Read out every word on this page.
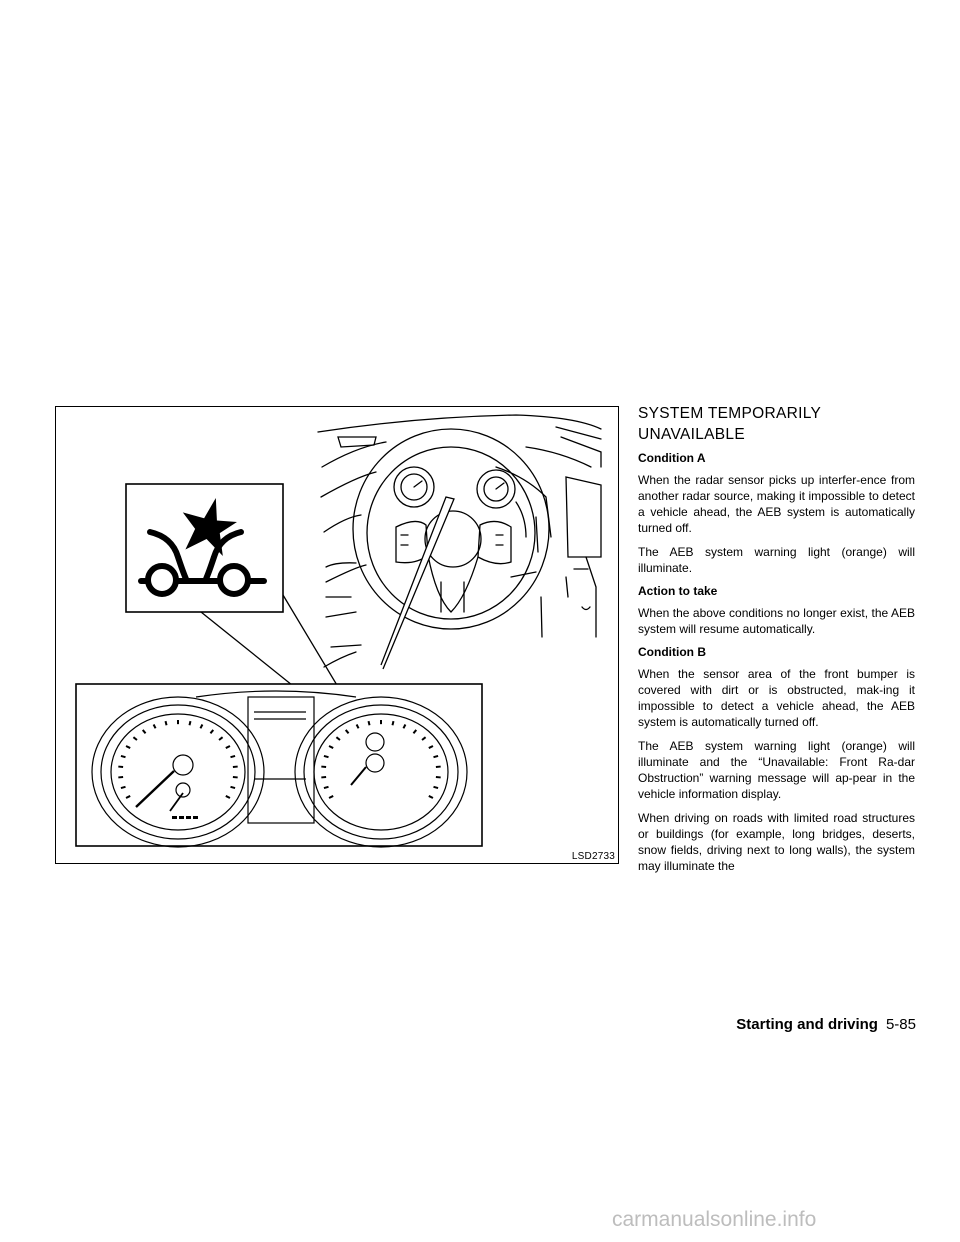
LSD2733
SYSTEM TEMPORARILY
UNAVAILABLE
Condition A

When the radar sensor picks up interfer-ence from another radar source, making it impossible to detect a vehicle ahead, the AEB system is automatically turned off.

The AEB system warning light (orange) will illuminate.

Action to take

When the above conditions no longer exist, the AEB system will resume automatically.

Condition B

When the sensor area of the front bumper is covered with dirt or is obstructed, mak-ing it impossible to detect a vehicle ahead, the AEB system is automatically turned off.

The AEB system warning light (orange) will illuminate and the “Unavailable: Front Ra-dar Obstruction” warning message will ap-pear in the vehicle information display.

When driving on roads with limited road structures or buildings (for example, long bridges, deserts, snow fields, driving next to long walls), the system may illuminate the

Starting and driving 5-85
carmanualsonline.info
